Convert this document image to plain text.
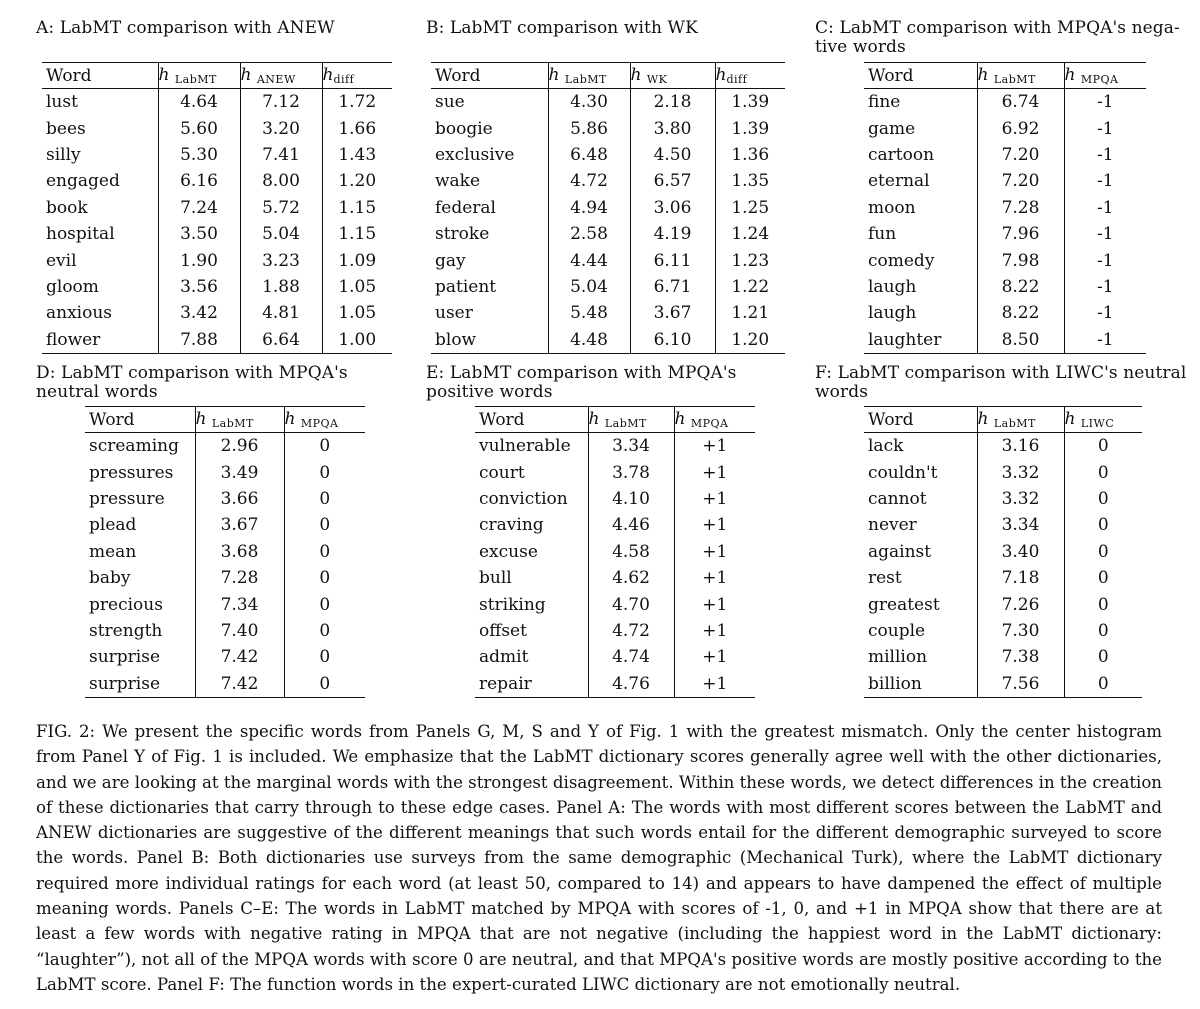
A: LabMT comparison with ANEW
Word	h $_{LabMT}$	h $_{ANEW}$	$h_{diff}$
lust	4.64	7.12	1.72
bees	5.60	3.20	1.66
silly	5.30	7.41	1.43
engaged	6.16	8.00	1.20
book	7.24	5.72	1.15
hospital	3.50	5.04	1.15
evil	1.90	3.23	1.09
gloom	3.56	1.88	1.05
anxious	3.42	4.81	1.05
flower	7.88	6.64	1.00
B: LabMT comparison with WK
Word	h $_{LabMT}$	h $_{WK}$	$h_{diff}$
sue	4.30	2.18	1.39
boogie	5.86	3.80	1.39
exclusive	6.48	4.50	1.36
wake	4.72	6.57	1.35
federal	4.94	3.06	1.25
stroke	2.58	4.19	1.24
gay	4.44	6.11	1.23
patient	5.04	6.71	1.22
user	5.48	3.67	1.21
blow	4.48	6.10	1.20
C: LabMT comparison with MPQA's nega-tive words
Word	h $_{LabMT}$	h $_{MPQA}$
fine	6.74	-1
game	6.92	-1
cartoon	7.20	-1
eternal	7.20	-1
moon	7.28	-1
fun	7.96	-1
comedy	7.98	-1
laugh	8.22	-1
laugh	8.22	-1
laughter	8.50	-1
D: LabMT comparison with MPQA's neutral words
Word	h $_{LabMT}$	h $_{MPQA}$
screaming	2.96	0
pressures	3.49	0
pressure	3.66	0
plead	3.67	0
mean	3.68	0
baby	7.28	0
precious	7.34	0
strength	7.40	0
surprise	7.42	0
surprise	7.42	0
E: LabMT comparison with MPQA's positive words
Word	h $_{LabMT}$	h $_{MPQA}$
vulnerable	3.34	+1
court	3.78	+1
conviction	4.10	+1
craving	4.46	+1
excuse	4.58	+1
bull	4.62	+1
striking	4.70	+1
offset	4.72	+1
admit	4.74	+1
repair	4.76	+1
F: LabMT comparison with LIWC's neutral words
Word	h $_{LabMT}$	h $_{LIWC}$
lack	3.16	0
couldn't	3.32	0
cannot	3.32	0
never	3.34	0
against	3.40	0
rest	7.18	0
greatest	7.26	0
couple	7.30	0
million	7.38	0
billion	7.56	0
FIG. 2: We present the specific words from Panels G, M, S and Y of Fig. 1 with the greatest mismatch. Only the center histogram from Panel Y of Fig. 1 is included. We emphasize that the LabMT dictionary scores generally agree well with the other dictionaries, and we are looking at the marginal words with the strongest disagreement. Within these words, we detect differences in the creation of these dictionaries that carry through to these edge cases. Panel A: The words with most different scores between the LabMT and ANEW dictionaries are suggestive of the different meanings that such words entail for the different demographic surveyed to score the words. Panel B: Both dictionaries use surveys from the same demographic (Mechanical Turk), where the LabMT dictionary required more individual ratings for each word (at least 50, compared to 14) and appears to have dampened the effect of multiple meaning words. Panels C–E: The words in LabMT matched by MPQA with scores of -1, 0, and +1 in MPQA show that there are at least a few words with negative rating in MPQA that are not negative (including the happiest word in the LabMT dictionary: “laughter”), not all of the MPQA words with score 0 are neutral, and that MPQA's positive words are mostly positive according to the LabMT score. Panel F: The function words in the expert-curated LIWC dictionary are not emotionally neutral.
